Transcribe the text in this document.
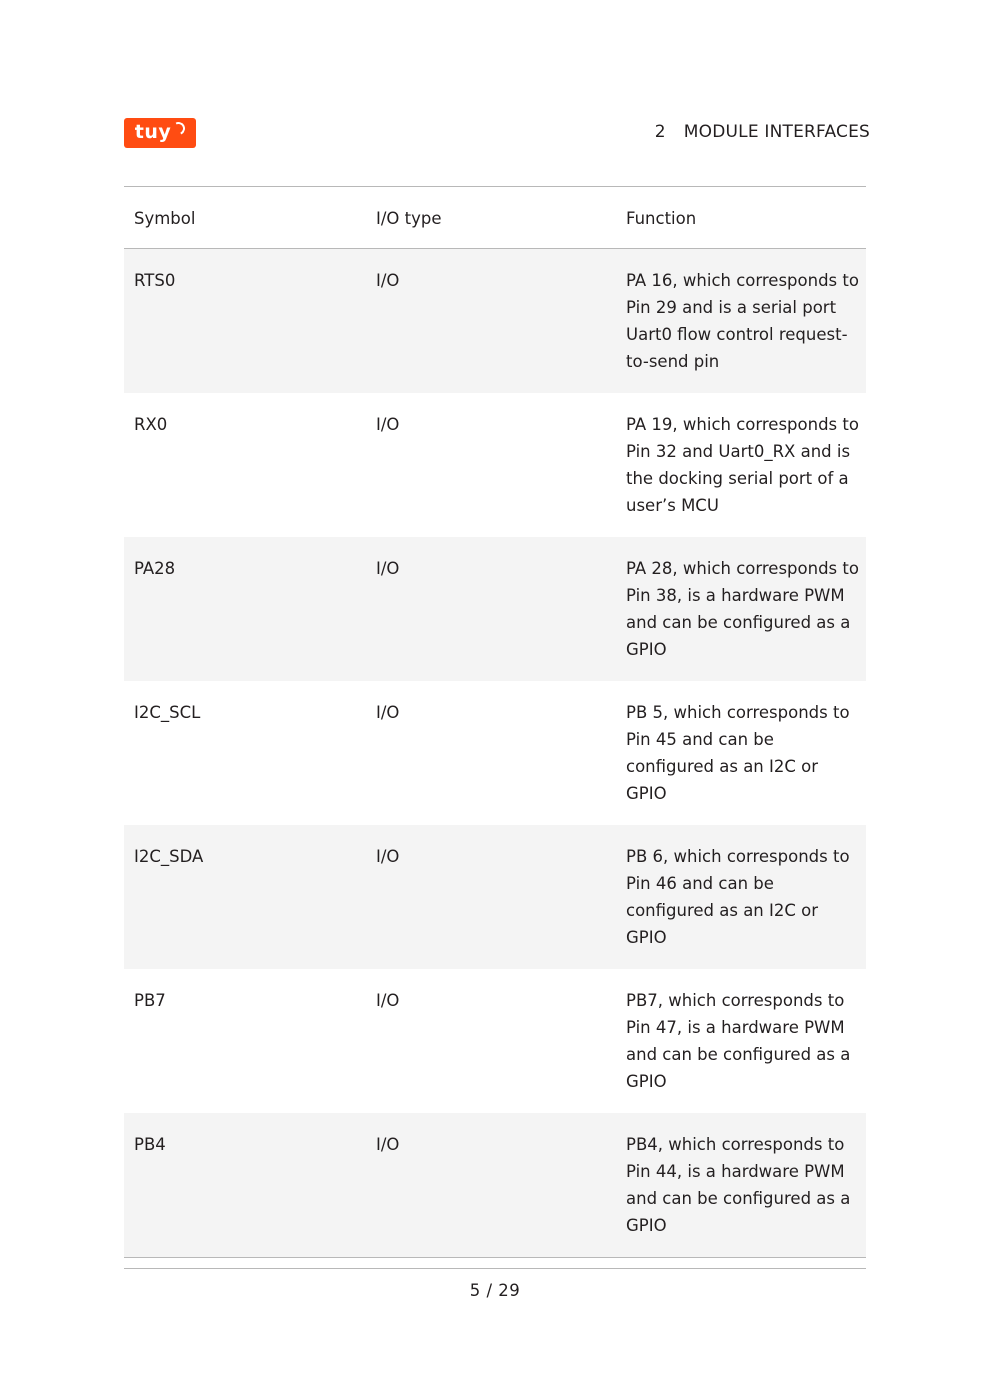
tuy	2 MODULE INTERFACES
Symbol	I/O type	Function
RTS0	I/O	PA 16, which corresponds to Pin 29 and is a serial port Uart0 flow control request-to-send pin
RX0	I/O	PA 19, which corresponds to Pin 32 and Uart0_RX and is the docking serial port of a user’s MCU
PA28	I/O	PA 28, which corresponds to Pin 38, is a hardware PWM and can be configured as a GPIO
I2C_SCL	I/O	PB 5, which corresponds to Pin 45 and can be configured as an I2C or GPIO
I2C_SDA	I/O	PB 6, which corresponds to Pin 46 and can be configured as an I2C or GPIO
PB7	I/O	PB7, which corresponds to Pin 47, is a hardware PWM and can be configured as a GPIO
PB4	I/O	PB4, which corresponds to Pin 44, is a hardware PWM and can be configured as a GPIO
5 / 29
